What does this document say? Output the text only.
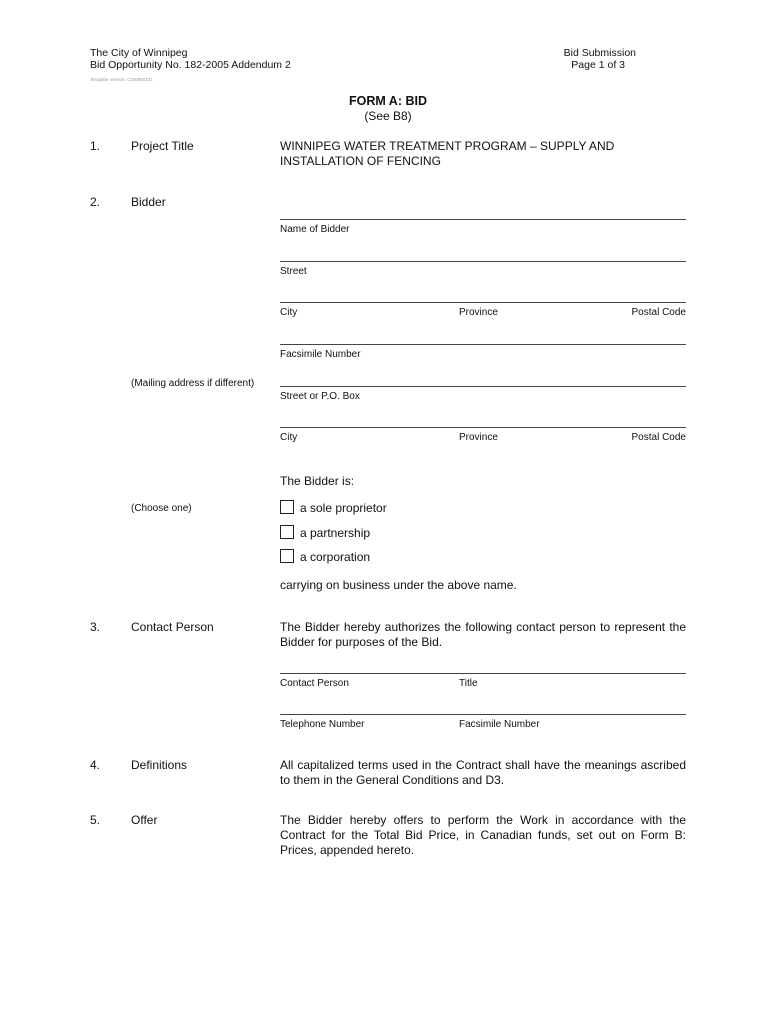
The City of Winnipeg
Bid Opportunity No. 182-2005 Addendum 2
Template Version: C320050101
Bid Submission
Page 1 of 3
FORM A: BID
(See B8)
1.	Project Title	WINNIPEG WATER TREATMENT PROGRAM – SUPPLY AND
INSTALLATION OF FENCING
2.	Bidder
Name of Bidder
Street
City	Province	Postal Code
Facsimile Number
(Mailing address if different)
Street or P.O. Box
City	Province	Postal Code
The Bidder is:
(Choose one)	a sole proprietor
a partnership
a corporation
carrying on business under the above name.
3.	Contact Person	The Bidder hereby authorizes the following contact person to represent the Bidder for purposes of the Bid.
Contact Person	Title
Telephone Number	Facsimile Number
4.	Definitions	All capitalized terms used in the Contract shall have the meanings ascribed to them in the General Conditions and D3.
5.	Offer	The Bidder hereby offers to perform the Work in accordance with the Contract for the Total Bid Price, in Canadian funds, set out on Form B: Prices, appended hereto.
